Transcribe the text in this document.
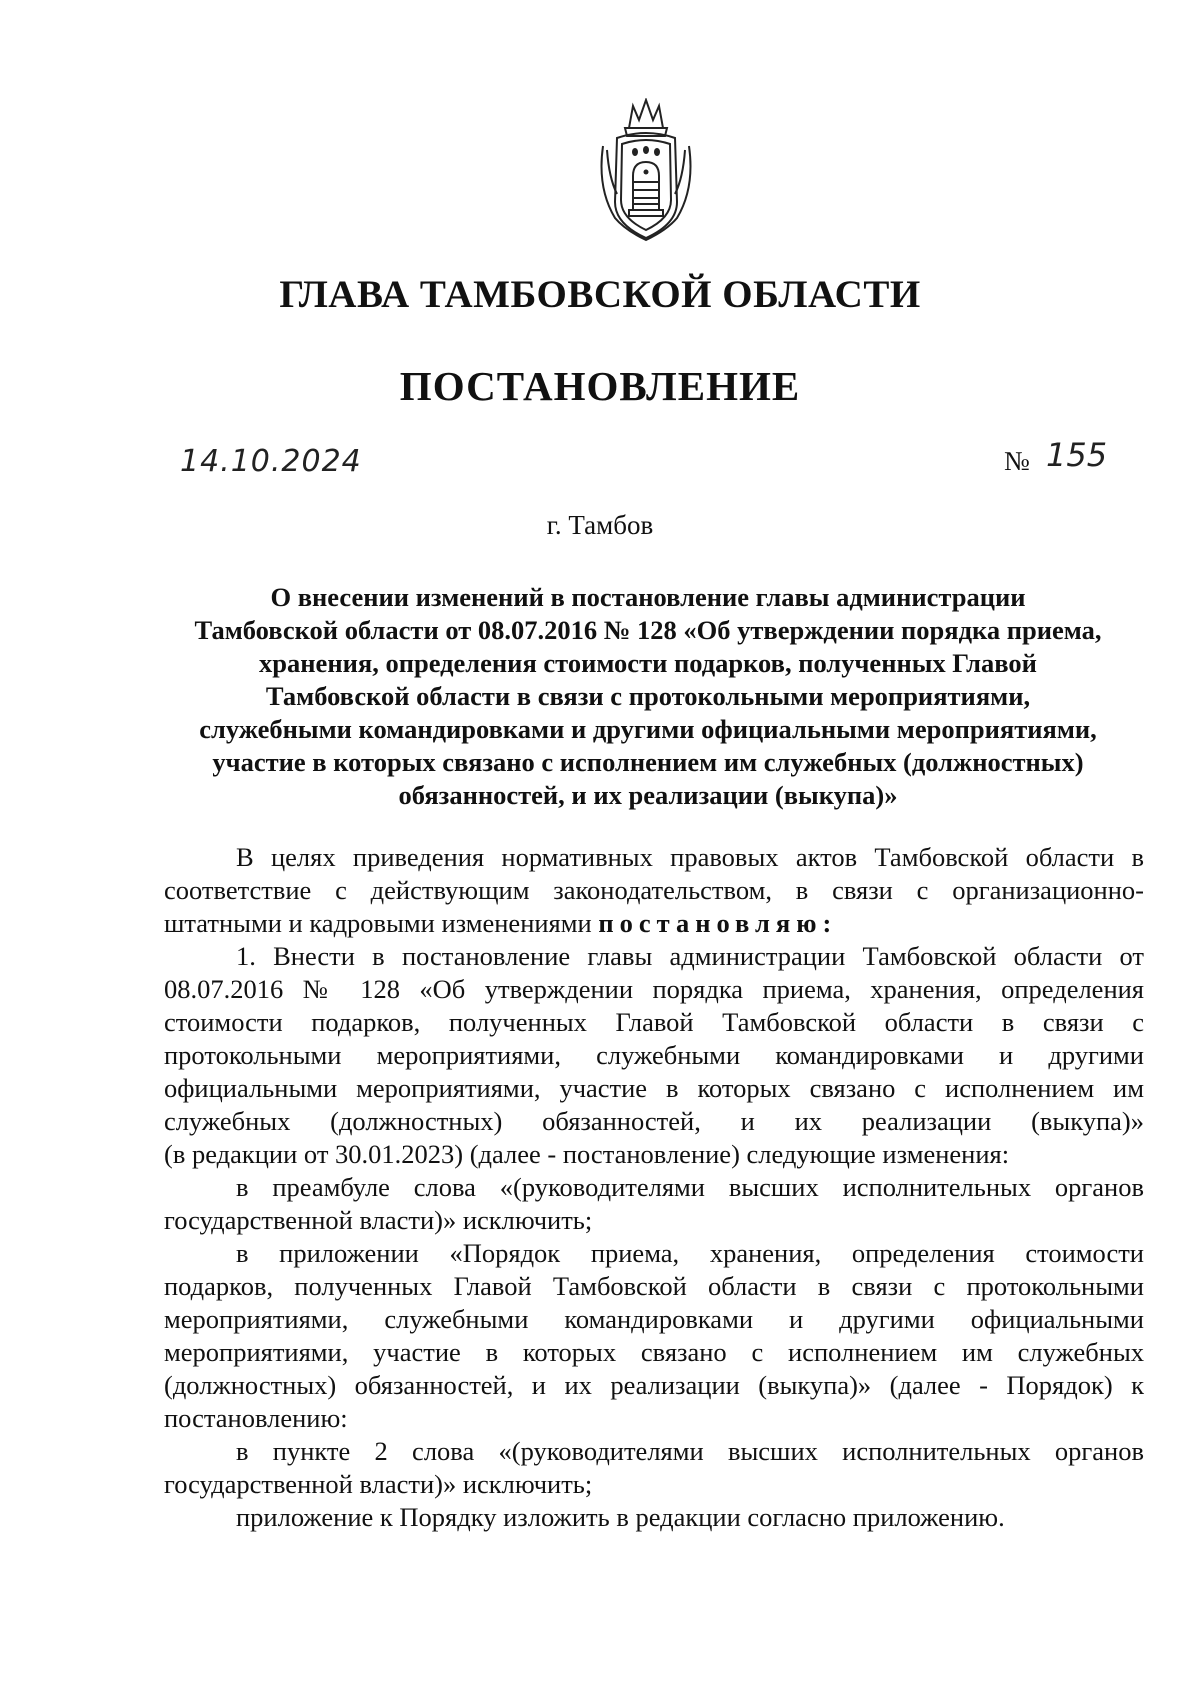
ГЛАВА ТАМБОВСКОЙ ОБЛАСТИ
ПОСТАНОВЛЕНИЕ
14.10.2024	№ 155
г. Тамбов
О внесении изменений в постановление главы администрации
Тамбовской области от 08.07.2016 № 128 «Об утверждении порядка приема,
хранения, определения стоимости подарков, полученных Главой
Тамбовской области в связи с протокольными мероприятиями,
служебными командировками и другими официальными мероприятиями,
участие в которых связано с исполнением им служебных (должностных)
обязанностей, и их реализации (выкупа)»
В целях приведения нормативных правовых актов Тамбовской области в
соответствие с действующим законодательством, в связи с организационно-
штатными и кадровыми изменениями постановляю:
1. Внести в постановление главы администрации Тамбовской области от
08.07.2016 № 128 «Об утверждении порядка приема, хранения, определения
стоимости подарков, полученных Главой Тамбовской области в связи с
протокольными мероприятиями, служебными командировками и другими
официальными мероприятиями, участие в которых связано с исполнением им
служебных (должностных) обязанностей, и их реализации (выкупа)»
(в редакции от 30.01.2023) (далее - постановление) следующие изменения:
в преамбуле слова «(руководителями высших исполнительных органов
государственной власти)» исключить;
в приложении «Порядок приема, хранения, определения стоимости
подарков, полученных Главой Тамбовской области в связи с протокольными
мероприятиями, служебными командировками и другими официальными
мероприятиями, участие в которых связано с исполнением им служебных
(должностных) обязанностей, и их реализации (выкупа)» (далее - Порядок) к
постановлению:
в пункте 2 слова «(руководителями высших исполнительных органов
государственной власти)» исключить;
приложение к Порядку изложить в редакции согласно приложению.
